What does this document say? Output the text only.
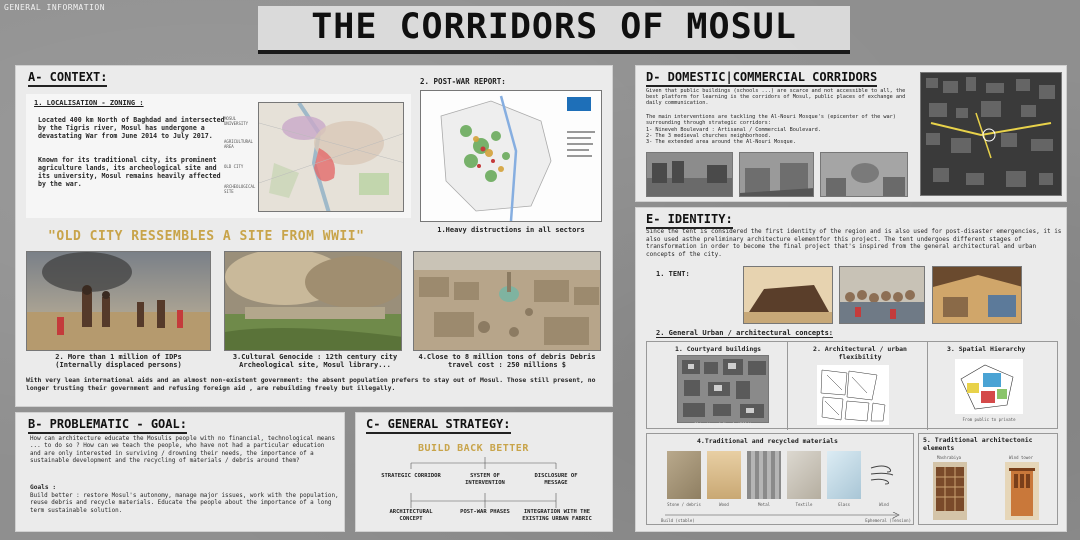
GENERAL INFORMATION	THE CORRIDORS OF MOSUL
A- CONTEXT:
1. LOCALISATION - ZONING :
Located 400 km North of Baghdad and intersected by the Tigris river, Mosul has undergone a devastating War from June 2014 to July 2017.
Known for its traditional city, its prominent agriculture lands, its archeological site and its university, Mosul remains heavily affected by the war.
MOSUL UNIVERSITY
AGRICULTURAL AREA
OLD CITY
ARCHEOLOGICAL SITE
2. POST-WAR REPORT:
1.Heavy distructions in all sectors
"OLD CITY RESSEMBLES A SITE FROM WWII"
2. More than 1 million of IDPs (Internally displaced persons)
3.Cultural Genocide : 12th century city Archeological site, Mosul library...
4.Close to 8 million tons of debris Debris travel cost : 250 millions $
With very lean international aids and an almost non-existent government: the absent population prefers to stay out of Mosul. Those still present, no longer trusting their government and refusing foreign aid , are rebuilding freely but illegally.
B- PROBLEMATIC - GOAL:
How can architecture educate the Mosulis people with no financial, technological means ... to do so ? How can we teach the people, who have not had a particular education and are only interested in surviving / drowning their needs, the importance of a sustainable development and the recycling of materials / debris around them?
Goals :
Build better : restore Mosul's autonomy, manage major issues, work with the population, reuse debris and recycle materials. Educate the people about the importance of a long term sustainable solution.
C- GENERAL STRATEGY:
BUILD BACK BETTER
STRATEGIC CORRIDOR	SYSTEM OF INTERVENTION
DISCLOSURE OF MESSAGE
ARCHITECTURAL CONCEPT
POST-WAR PHASES	INTEGRATION WITH THE EXISTING URBAN FABRIC
D- DOMESTIC|COMMERCIAL CORRIDORS
Given that public buildings (schools ...) are scarce and not accessible to all, the best platform for learning is the corridors of Mosul, public places of exchange and daily communication.
The main interventions are tackling the Al-Nouri Mosque's (epicenter of the war) surrounding through strategic corridors:
1- Nineveh Boulevard : Artisanal / Commercial Boulevard.
2- The 3 medieval churches neighborhood.
3- The extended area around the Al-Nouri Mosque.
E- IDENTITY:
Since the tent is considered the first identity of the region and is also used for post-disaster emergencies, it is also used asthe preliminary architecture elementfor this project. The tent undergoes different stages of transformation in order to become the final project that's inspired from the general architectural and urban concepts of the city.
1. TENT:
2. General Urban / architectural concepts:
1. Courtyard buildings
Old city of Mosul (2014)
2. Architectural / urban flexibility
3. Spatial Hierarchy
From public to private
4.Traditional and recycled materials
Stone / debris	Wood	Metal	Textile	Glass	Wind
Build (stable)	Ephemeral (Tension)
5. Traditional architectonic elements
Mashrabiya	Wind tower
